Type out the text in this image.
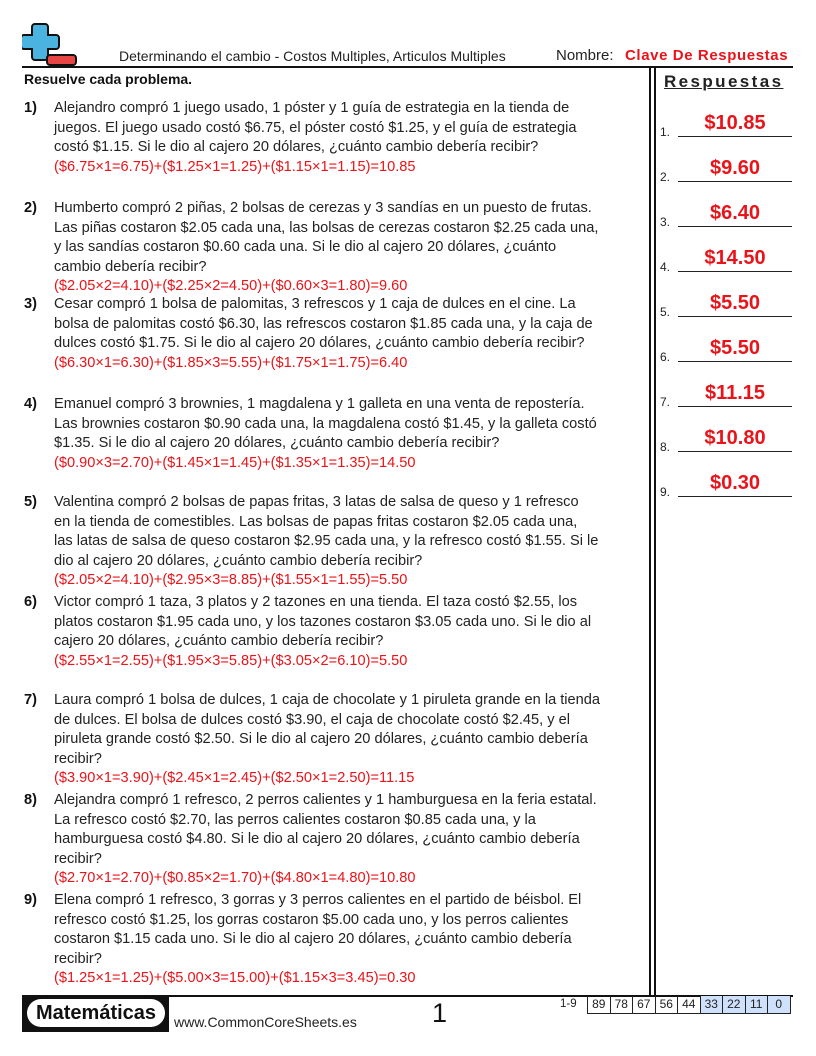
Determinando el cambio - Costos Multiples, Articulos Multiples	Nombre: Clave De Respuestas
Resuelve cada problema.	Respuestas
1)	Alejandro compró 1 juego usado, 1 póster y 1 guía de estrategia en la tienda de
juegos. El juego usado costó $6.75, el póster costó $1.25, y el guía de estrategia
costó $1.15. Si le dio al cajero 20 dólares, ¿cuánto cambio debería recibir?
($6.75×1=6.75)+($1.25×1=1.25)+($1.15×1=1.15)=10.85
2)	Humberto compró 2 piñas, 2 bolsas de cerezas y 3 sandías en un puesto de frutas.
Las piñas costaron $2.05 cada una, las bolsas de cerezas costaron $2.25 cada una,
y las sandías costaron $0.60 cada una. Si le dio al cajero 20 dólares, ¿cuánto
cambio debería recibir?
($2.05×2=4.10)+($2.25×2=4.50)+($0.60×3=1.80)=9.60
3)	Cesar compró 1 bolsa de palomitas, 3 refrescos y 1 caja de dulces en el cine. La
bolsa de palomitas costó $6.30, las refrescos costaron $1.85 cada una, y la caja de
dulces costó $1.75. Si le dio al cajero 20 dólares, ¿cuánto cambio debería recibir?
($6.30×1=6.30)+($1.85×3=5.55)+($1.75×1=1.75)=6.40
4)	Emanuel compró 3 brownies, 1 magdalena y 1 galleta en una venta de repostería.
Las brownies costaron $0.90 cada una, la magdalena costó $1.45, y la galleta costó
$1.35. Si le dio al cajero 20 dólares, ¿cuánto cambio debería recibir?
($0.90×3=2.70)+($1.45×1=1.45)+($1.35×1=1.35)=14.50
5)	Valentina compró 2 bolsas de papas fritas, 3 latas de salsa de queso y 1 refresco
en la tienda de comestibles. Las bolsas de papas fritas costaron $2.05 cada una,
las latas de salsa de queso costaron $2.95 cada una, y la refresco costó $1.55. Si le
dio al cajero 20 dólares, ¿cuánto cambio debería recibir?
($2.05×2=4.10)+($2.95×3=8.85)+($1.55×1=1.55)=5.50
6)	Victor compró 1 taza, 3 platos y 2 tazones en una tienda. El taza costó $2.55, los
platos costaron $1.95 cada uno, y los tazones costaron $3.05 cada uno. Si le dio al
cajero 20 dólares, ¿cuánto cambio debería recibir?
($2.55×1=2.55)+($1.95×3=5.85)+($3.05×2=6.10)=5.50
7)	Laura compró 1 bolsa de dulces, 1 caja de chocolate y 1 piruleta grande en la tienda
de dulces. El bolsa de dulces costó $3.90, el caja de chocolate costó $2.45, y el
piruleta grande costó $2.50. Si le dio al cajero 20 dólares, ¿cuánto cambio debería
recibir?
($3.90×1=3.90)+($2.45×1=2.45)+($2.50×1=2.50)=11.15
8)	Alejandra compró 1 refresco, 2 perros calientes y 1 hamburguesa en la feria estatal.
La refresco costó $2.70, las perros calientes costaron $0.85 cada una, y la
hamburguesa costó $4.80. Si le dio al cajero 20 dólares, ¿cuánto cambio debería
recibir?
($2.70×1=2.70)+($0.85×2=1.70)+($4.80×1=4.80)=10.80
9)	Elena compró 1 refresco, 3 gorras y 3 perros calientes en el partido de béisbol. El
refresco costó $1.25, los gorras costaron $5.00 cada uno, y los perros calientes
costaron $1.15 cada uno. Si le dio al cajero 20 dólares, ¿cuánto cambio debería
recibir?
($1.25×1=1.25)+($5.00×3=15.00)+($1.15×3=3.45)=0.30
1.	$10.85
2.	$9.60
3.	$6.40
4.	$14.50
5.	$5.50
6.	$5.50
7.	$11.15
8.	$10.80
9.	$0.30
Matemáticas	www.CommonCoreSheets.es	1	1-9	89 78 67 56 44 33 22 11	0
